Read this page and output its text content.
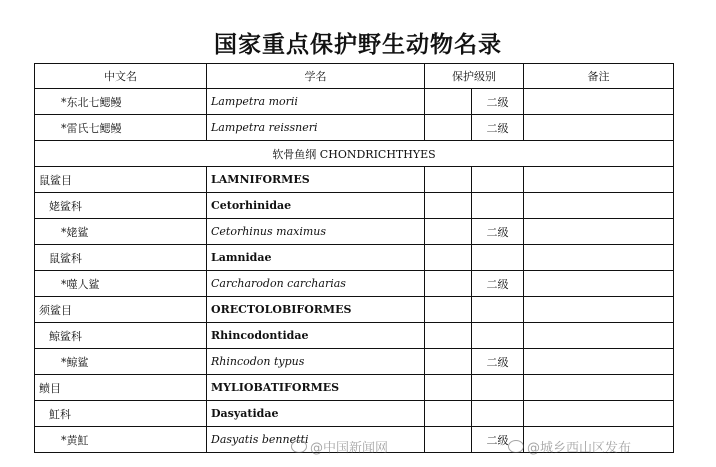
国家重点保护野生动物名录
中文名	学名	保护级别		备注
*东北七鳃鳗	Lampetra morii		二级	
*雷氏七鳃鳗	Lampetra reissneri		二级	
软骨鱼纲 CHONDRICHTHYES				
鼠鲨目	LAMNIFORMES			
姥鲨科	Cetorhinidae			
*姥鲨	Cetorhinus maximus		二级	
鼠鲨科	Lamnidae			
*噬人鲨	Carcharodon carcharias		二级	
须鲨目	ORECTOLOBIFORMES			
鲸鲨科	Rhincodontidae			
*鲸鲨	Rhincodon typus		二级	
鲼目	MYLIOBATIFORMES			
魟科	Dasyatidae			
*黄魟	Dasyatis bennetti		二级	
@中国新闻网	@城乡西山区发布
